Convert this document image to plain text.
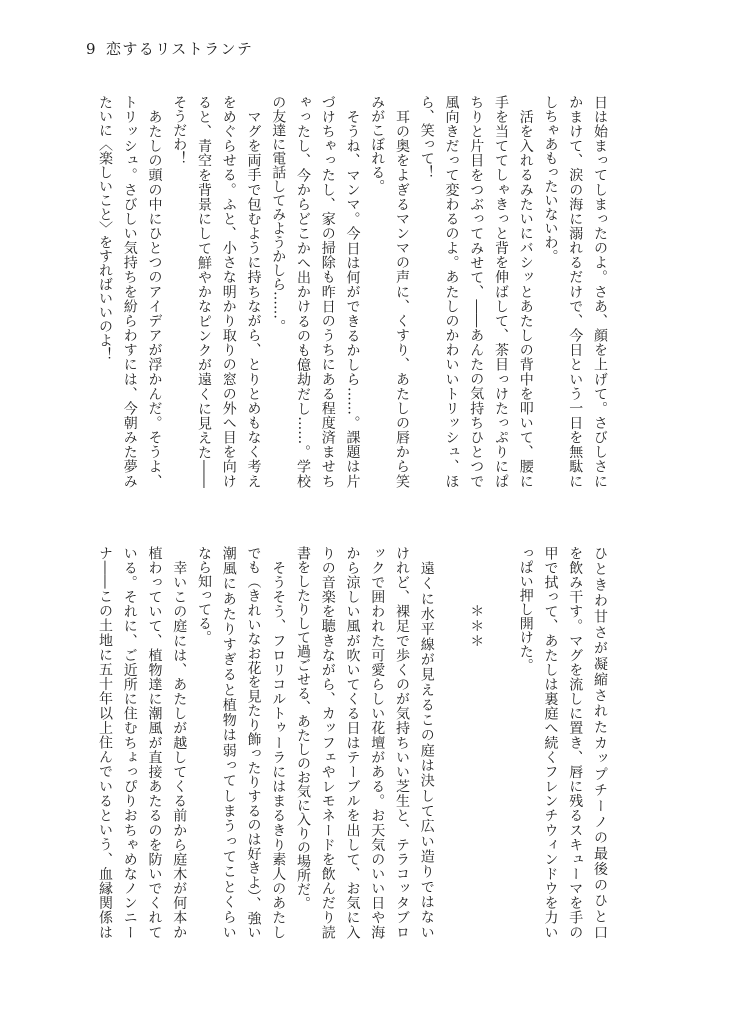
9 恋するリストランテ
日は始まってしまったのよ。さあ、顔を上げて。さびしさに
かまけて、涙の海に溺れるだけで、今日という一日を無駄に
しちゃあもったいないわ。
　活を入れるみたいにバシッとあたしの背中を叩いて、腰に
手を当ててしゃきっと背を伸ばして、茶目っけたっぷりにぱ
ちりと片目をつぶってみせて、――あんたの気持ちひとつで
風向きだって変わるのよ。あたしのかわいいトリッシュ、ほ
ら、笑って！
　耳の奥をよぎるマンマの声に、くすり、あたしの唇から笑
みがこぼれる。
　そうね、マンマ。今日は何ができるかしら……。課題は片
づけちゃったし、家の掃除も昨日のうちにある程度済ませち
ゃったし、今からどこかへ出かけるのも億劫だし……。学校
の友達に電話してみようかしら……。
　マグを両手で包むように持ちながら、とりとめもなく考え
をめぐらせる。ふと、小さな明かり取りの窓の外へ目を向け
ると、青空を背景にして鮮やかなピンクが遠くに見えた――
そうだわ！
　あたしの頭の中にひとつのアイデアが浮かんだ。そうよ、
トリッシュ。さびしい気持ちを紛らわすには、今朝みた夢み
たいに〈楽しいこと〉をすればいいのよ！
ひときわ甘さが凝縮されたカップチーノの最後のひと口
を飲み干す。マグを流しに置き、唇に残るスキューマを手の
甲で拭って、あたしは裏庭へ続くフレンチウィンドウを力い
っぱい押し開けた。
＊＊＊
　遠くに水平線が見えるこの庭は決して広い造りではない
けれど、裸足で歩くのが気持ちいい芝生と、テラコッタブロ
ックで囲われた可愛らしい花壇がある。お天気のいい日や海
から涼しい風が吹いてくる日はテーブルを出して、お気に入
りの音楽を聴きながら、カッフェやレモネードを飲んだり読
書をしたりして過ごせる、あたしのお気に入りの場所だ。
　そうそう、フロリコルトゥーラにはまるきり素人のあたし
でも（きれいなお花を見たり飾ったりするのは好きよ）、強い
潮風にあたりすぎると植物は弱ってしまうってことくらい
なら知ってる。
　幸いこの庭には、あたしが越してくる前から庭木が何本か
植わっていて、植物達に潮風が直接あたるのを防いでくれて
いる。それに、ご近所に住むちょっぴりおちゃめなノンニー
ナ――この土地に五十年以上住んでいるという、血縁関係は
